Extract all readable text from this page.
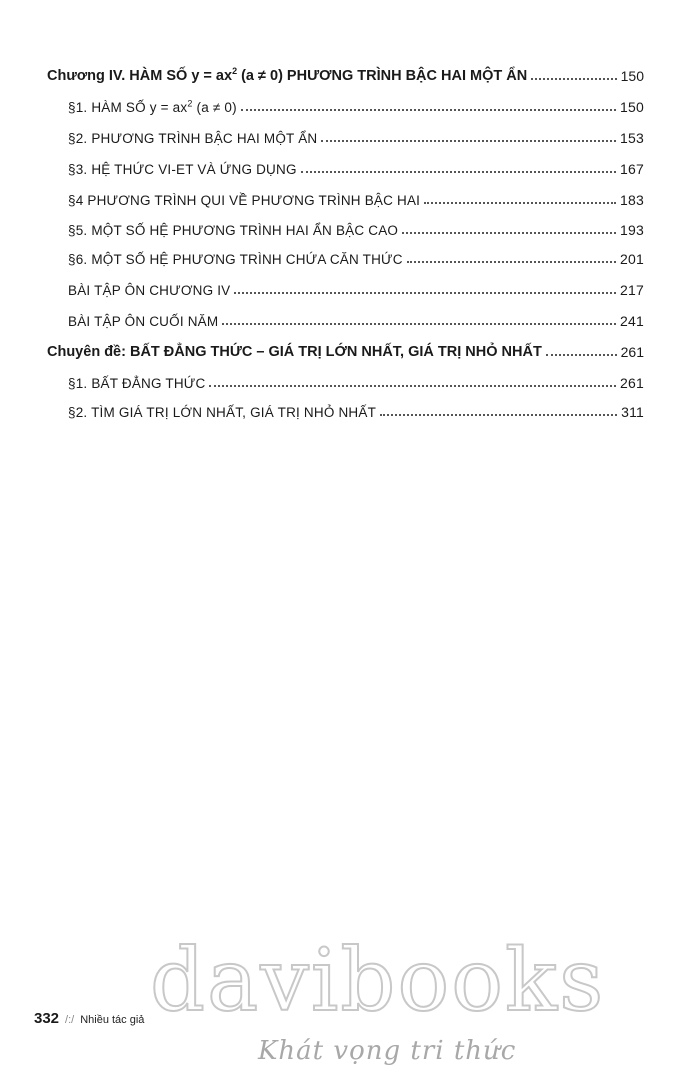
Chương IV. HÀM SỐ $y = ax^2$ (a ≠ 0) PHƯƠNG TRÌNH BẬC HAI MỘT ẨN	150
§1. HÀM SỐ $y = ax^2$ (a ≠ 0)	150
§2. PHƯƠNG TRÌNH BẬC HAI MỘT ẨN	153
§3. HỆ THỨC VI-ET VÀ ỨNG DỤNG	167
§4 PHƯƠNG TRÌNH QUI VỀ PHƯƠNG TRÌNH BẬC HAI	183
§5. MỘT SỐ HỆ PHƯƠNG TRÌNH HAI ẨN BẬC CAO	193
§6. MỘT SỐ HỆ PHƯƠNG TRÌNH CHỨA CĂN THỨC	201
BÀI TẬP ÔN CHƯƠNG IV	217
BÀI TẬP ÔN CUỐI NĂM	241
Chuyên đề: BẤT ĐẲNG THỨC – GIÁ TRỊ LỚN NHẤT, GIÁ TRỊ NHỎ NHẤT	261
§1. BẤT ĐẲNG THỨC	261
§2. TÌM GIÁ TRỊ LỚN NHẤT, GIÁ TRỊ NHỎ NHẤT	311
332 /:/ Nhiều tác giả davibooks
Khát vọng tri thức
